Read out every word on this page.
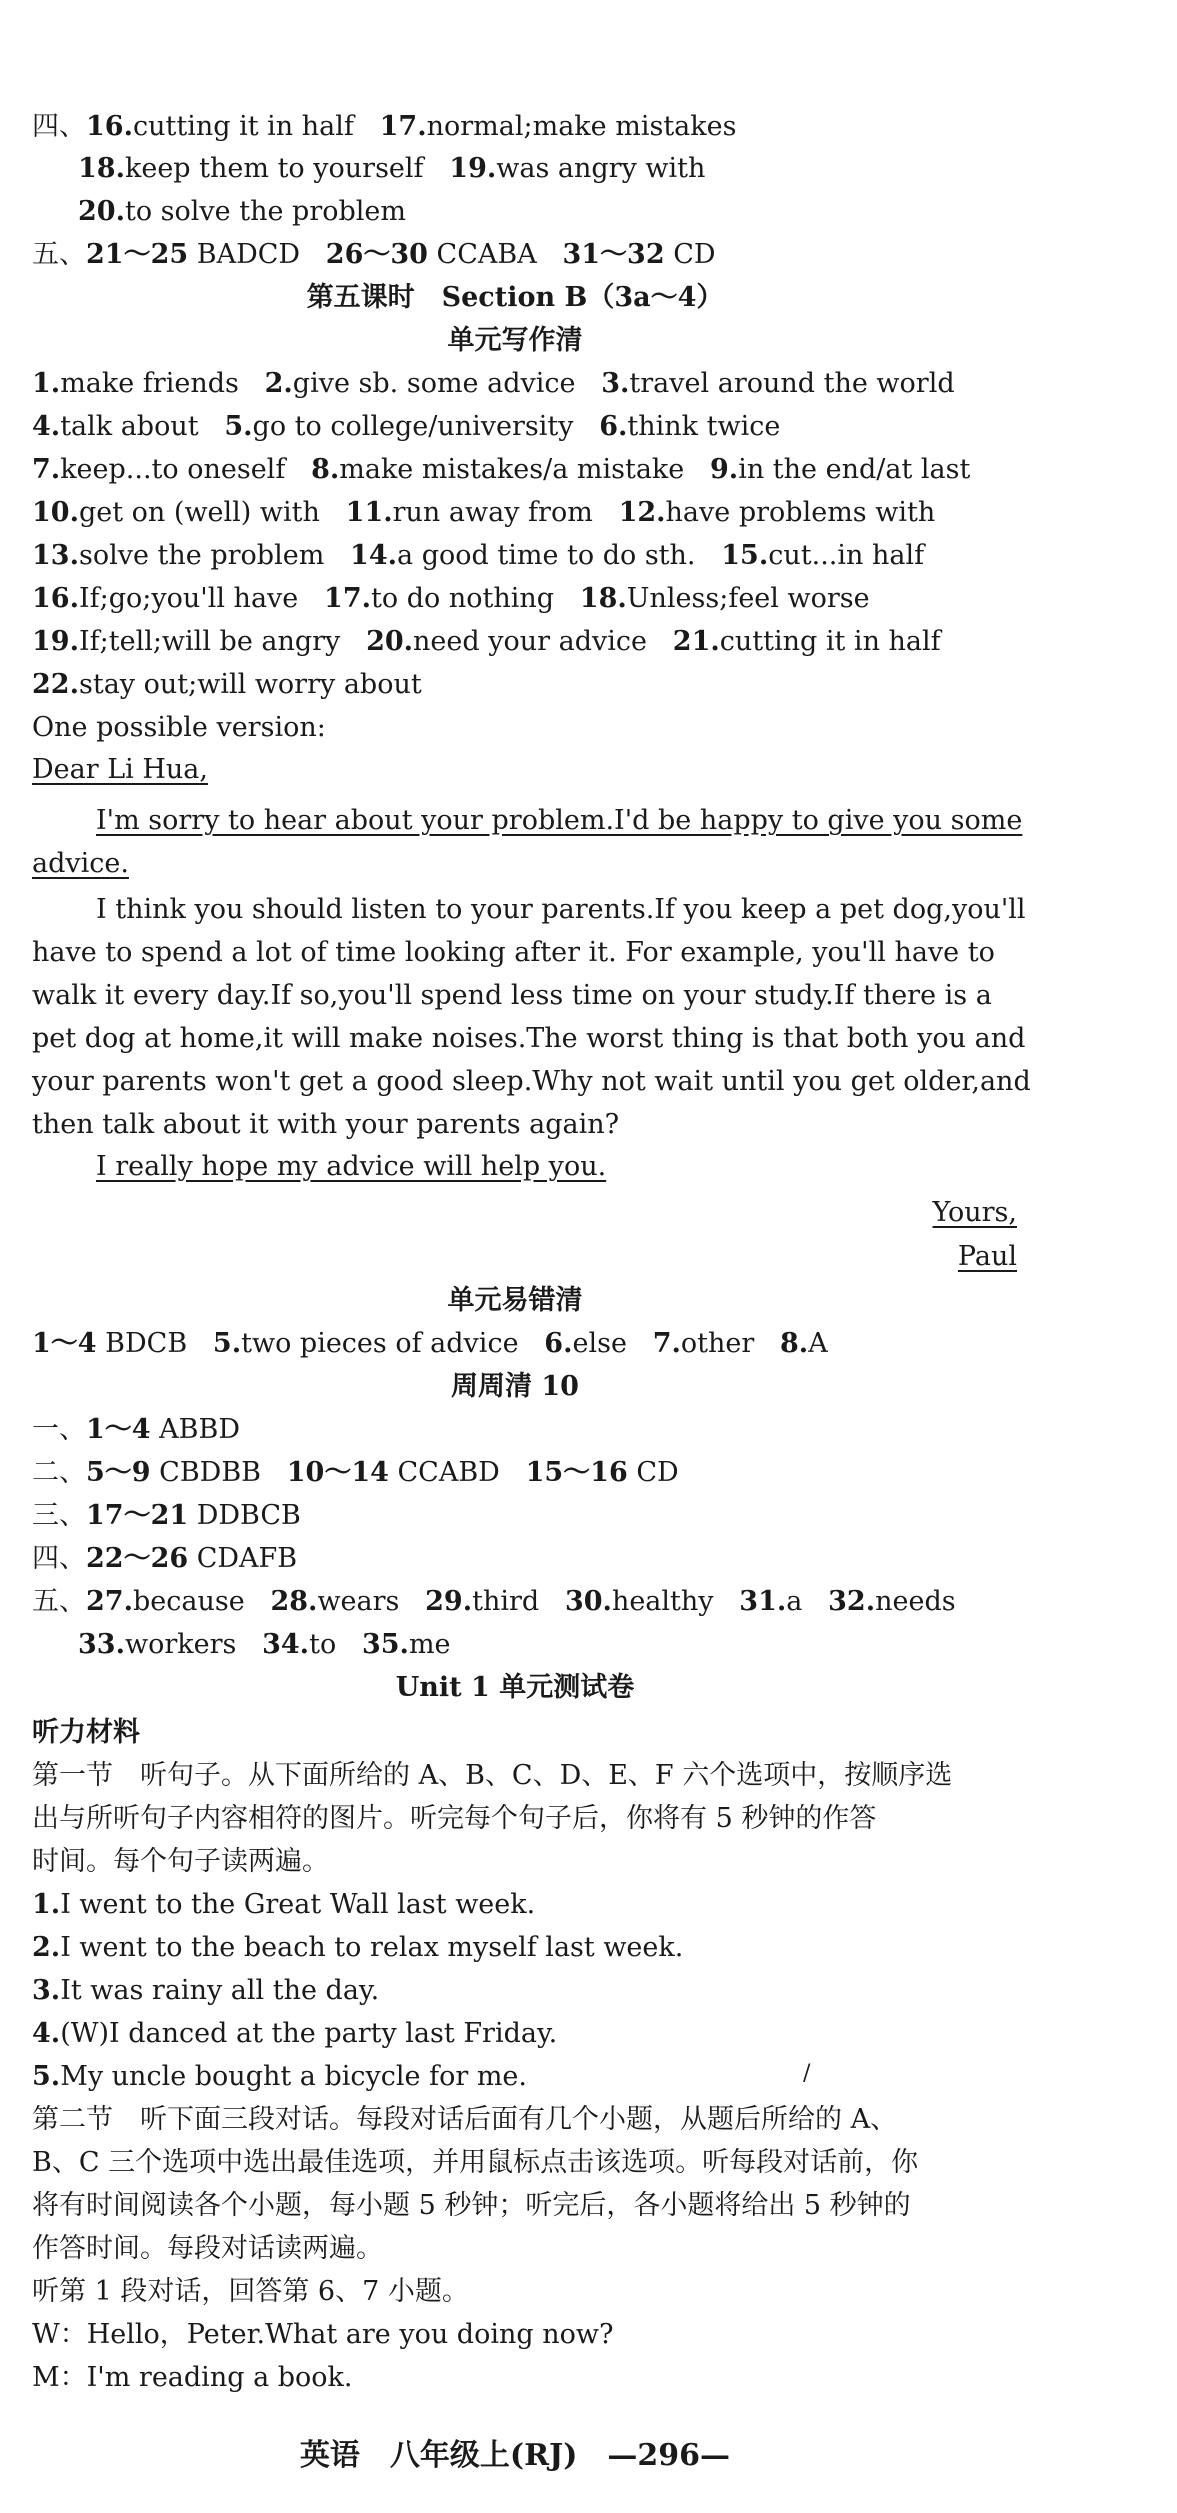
四、16.cutting it in half 17.normal;make mistakes
18.keep them to yourself 19.was angry with
20.to solve the problem
五、21～25 BADCD 26～30 CCABA 31～32 CD
第五课时　Section B（3a～4）
单元写作清
1.make friends 2.give sb. some advice 3.travel around the world
4.talk about 5.go to college/university 6.think twice
7.keep...to oneself 8.make mistakes/a mistake 9.in the end/at last
10.get on (well) with 11.run away from 12.have problems with
13.solve the problem 14.a good time to do sth. 15.cut...in half
16.If;go;you'll have 17.to do nothing 18.Unless;feel worse
19.If;tell;will be angry 20.need your advice 21.cutting it in half
22.stay out;will worry about
One possible version:
Dear Li Hua,
I'm sorry to hear about your problem.I'd be happy to give you some
advice.
I think you should listen to your parents.If you keep a pet dog,you'll
have to spend a lot of time looking after it. For example, you'll have to
walk it every day.If so,you'll spend less time on your study.If there is a
pet dog at home,it will make noises.The worst thing is that both you and
your parents won't get a good sleep.Why not wait until you get older,and
then talk about it with your parents again?
I really hope my advice will help you.
Yours,
Paul
单元易错清
1～4 BDCB 5.two pieces of advice 6.else 7.other 8.A
周周清 10
一、1～4 ABBD
二、5～9 CBDBB 10～14 CCABD 15～16 CD
三、17～21 DDBCB
四、22～26 CDAFB
五、27.because 28.wears 29.third 30.healthy 31.a 32.needs
33.workers 34.to 35.me
Unit 1 单元测试卷
听力材料
第一节　听句子。从下面所给的 A、B、C、D、E、F 六个选项中，按顺序选
出与所听句子内容相符的图片。听完每个句子后，你将有 5 秒钟的作答
时间。每个句子读两遍。
1.I went to the Great Wall last week.
2.I went to the beach to relax myself last week.
3.It was rainy all the day.
4.(W)I danced at the party last Friday.
5.My uncle bought a bicycle for me.	/
第二节　听下面三段对话。每段对话后面有几个小题，从题后所给的 A、
B、C 三个选项中选出最佳选项，并用鼠标点击该选项。听每段对话前，你
将有时间阅读各个小题，每小题 5 秒钟；听完后，各小题将给出 5 秒钟的
作答时间。每段对话读两遍。
听第 1 段对话，回答第 6、7 小题。
W：Hello，Peter.What are you doing now?
M：I'm reading a book.
英语　八年级上(RJ)　—296—
